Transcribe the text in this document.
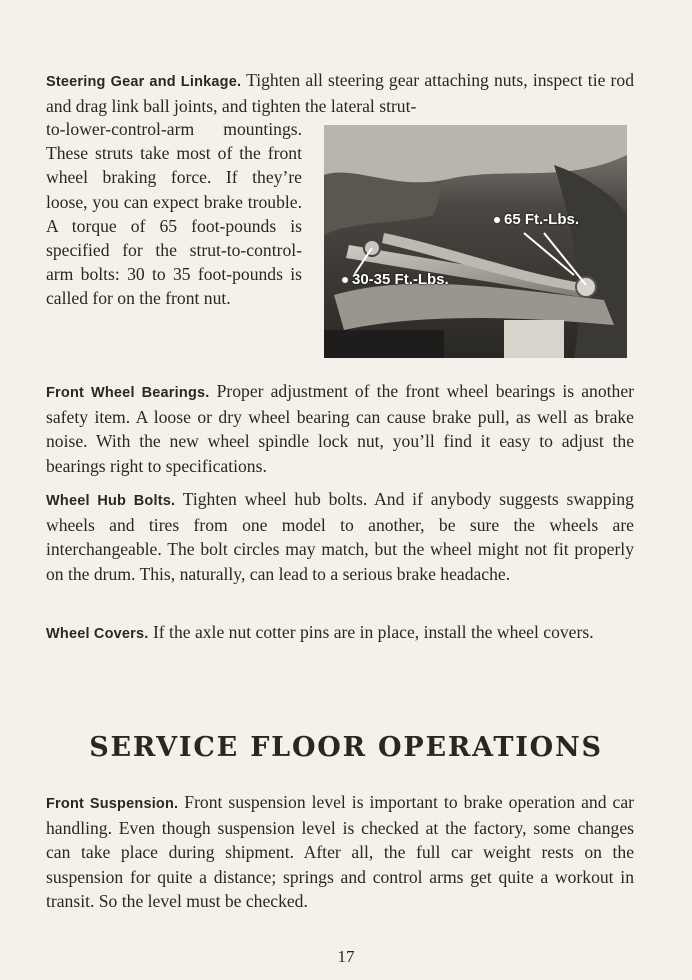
Steering Gear and Linkage. Tighten all steering gear attaching nuts, inspect tie rod and drag link ball joints, and tighten the lateral strut-

to-lower-control-arm mountings. These struts take most of the front wheel braking force. If they’re loose, you can expect brake trouble. A torque of 65 foot-pounds is specified for the strut-to-control-arm bolts: 30 to 35 foot-pounds is called for on the front nut.

65 Ft.-Lbs.
30-35 Ft.-Lbs.

Front Wheel Bearings. Proper adjustment of the front wheel bearings is another safety item. A loose or dry wheel bearing can cause brake pull, as well as brake noise. With the new wheel spindle lock nut, you’ll find it easy to adjust the bearings right to specifications.

Wheel Hub Bolts. Tighten wheel hub bolts. And if anybody suggests swapping wheels and tires from one model to another, be sure the wheels are interchangeable. The bolt circles may match, but the wheel might not fit properly on the drum. This, naturally, can lead to a serious brake headache.

Wheel Covers. If the axle nut cotter pins are in place, install the wheel covers.

SERVICE FLOOR OPERATIONS

Front Suspension. Front suspension level is important to brake operation and car handling. Even though suspension level is checked at the factory, some changes can take place during shipment. After all, the full car weight rests on the suspension for quite a distance; springs and control arms get quite a workout in transit. So the level must be checked.

17
